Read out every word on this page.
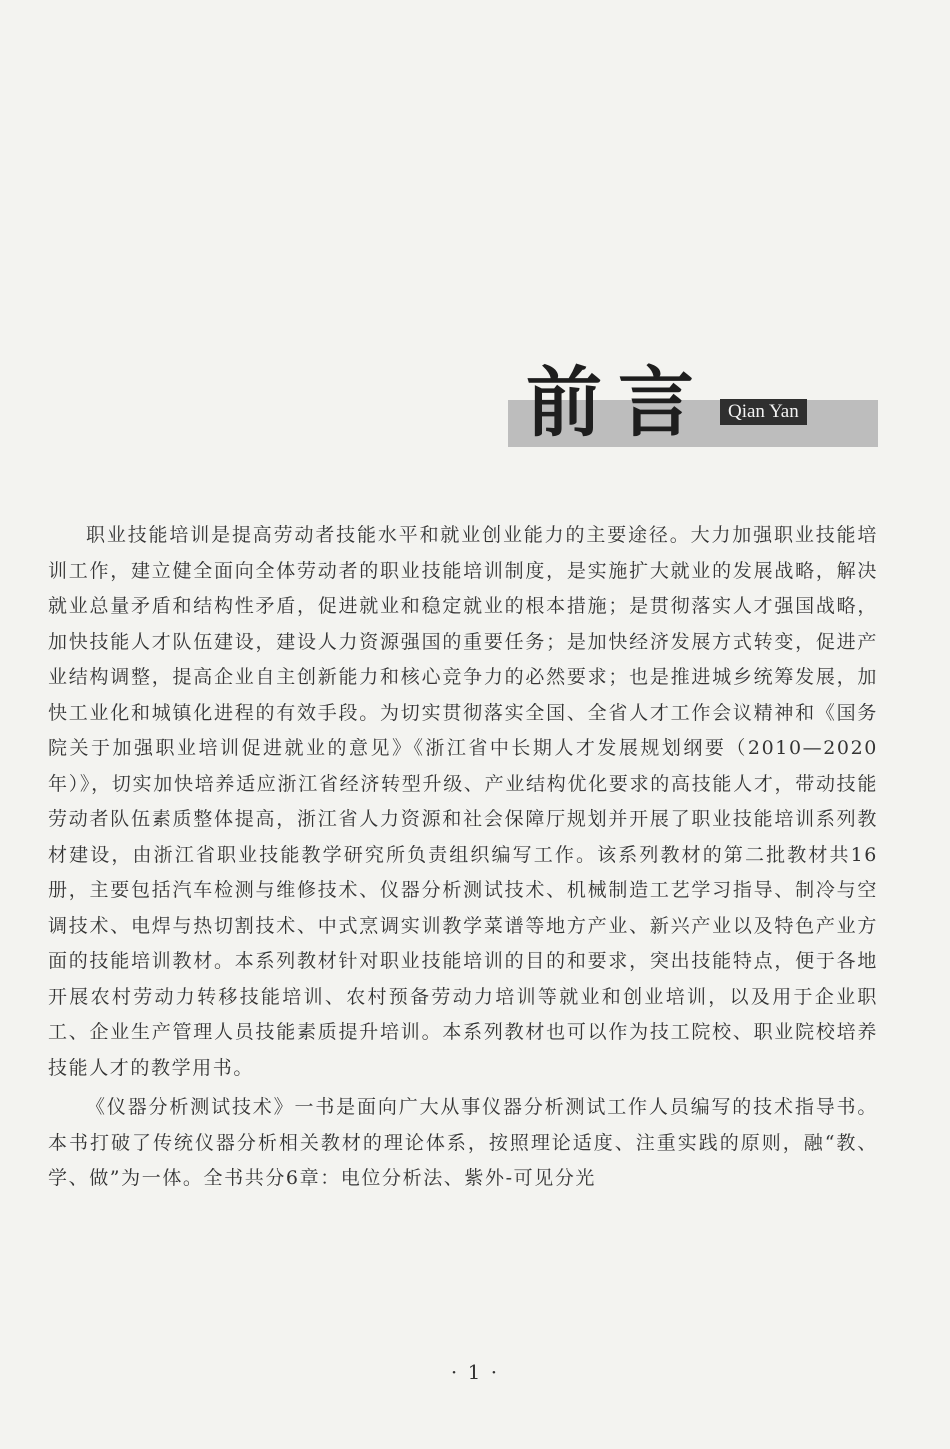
前言 Qian Yan

职业技能培训是提高劳动者技能水平和就业创业能力的主要途径。大力加强职业技能培训工作，建立健全面向全体劳动者的职业技能培训制度，是实施扩大就业的发展战略，解决就业总量矛盾和结构性矛盾，促进就业和稳定就业的根本措施；是贯彻落实人才强国战略，加快技能人才队伍建设，建设人力资源强国的重要任务；是加快经济发展方式转变，促进产业结构调整，提高企业自主创新能力和核心竞争力的必然要求；也是推进城乡统筹发展，加快工业化和城镇化进程的有效手段。为切实贯彻落实全国、全省人才工作会议精神和《国务院关于加强职业培训促进就业的意见》《浙江省中长期人才发展规划纲要（2010—2020年）》，切实加快培养适应浙江省经济转型升级、产业结构优化要求的高技能人才，带动技能劳动者队伍素质整体提高，浙江省人力资源和社会保障厅规划并开展了职业技能培训系列教材建设，由浙江省职业技能教学研究所负责组织编写工作。该系列教材的第二批教材共16册，主要包括汽车检测与维修技术、仪器分析测试技术、机械制造工艺学习指导、制冷与空调技术、电焊与热切割技术、中式烹调实训教学菜谱等地方产业、新兴产业以及特色产业方面的技能培训教材。本系列教材针对职业技能培训的目的和要求，突出技能特点，便于各地开展农村劳动力转移技能培训、农村预备劳动力培训等就业和创业培训，以及用于企业职工、企业生产管理人员技能素质提升培训。本系列教材也可以作为技工院校、职业院校培养技能人才的教学用书。

《仪器分析测试技术》一书是面向广大从事仪器分析测试工作人员编写的技术指导书。本书打破了传统仪器分析相关教材的理论体系，按照理论适度、注重实践的原则，融“教、学、做”为一体。全书共分6章：电位分析法、紫外-可见分光

· 1 ·
